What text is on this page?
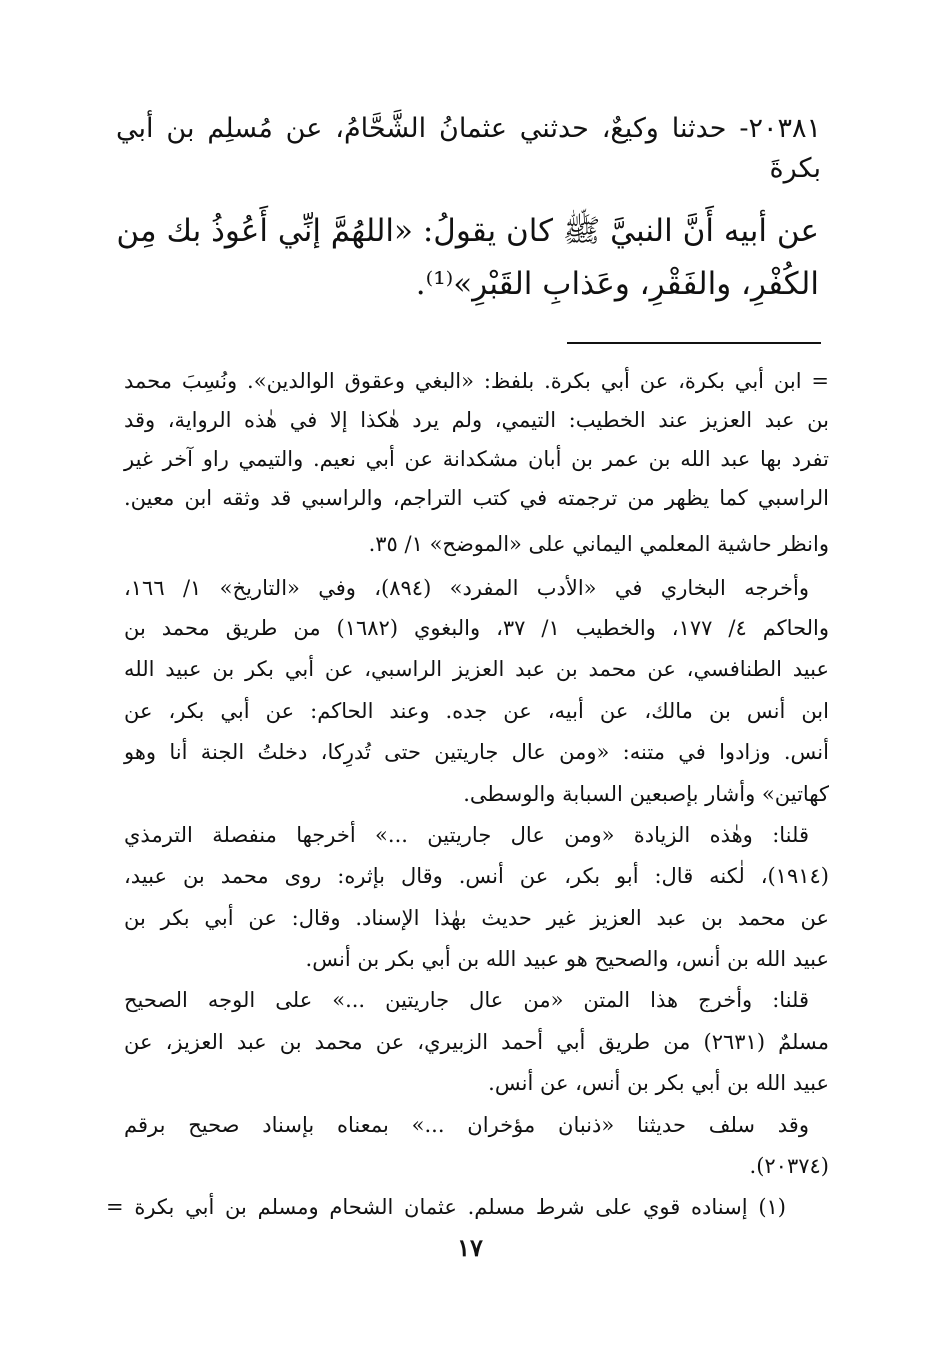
٢٠٣٨١- حدثنا وكيعٌ، حدثني عثمانُ الشَّحَّامُ، عن مُسلِم بن أبي
بكرةَ
عن أبيه أَنَّ النبيَّ ﷺ كان يقولُ: «اللهُمَّ إنِّي أَعُوذُ بك مِن
الكُفْرِ، والفَقْرِ، وعَذابِ القَبْرِ»⁽¹⁾.
= ابن أبي بكرة، عن أبي بكرة. بلفظ: «البغي وعقوق الوالدين». ونُسِبَ محمد
بن عبد العزيز عند الخطيب: التيمي، ولم يرد هٰكذا إلا في هٰذه الرواية، وقد
تفرد بها عبد الله بن عمر بن أبان مشكدانة عن أبي نعيم. والتيمي راو آخر غير
الراسبي كما يظهر من ترجمته في كتب التراجم، والراسبي قد وثقه ابن معين.
وانظر حاشية المعلمي اليماني على «الموضح» ١/ ٣٥.
وأخرجه البخاري في «الأدب المفرد» (٨٩٤)، وفي «التاريخ» ١/ ١٦٦،
والحاكم ٤/ ١٧٧، والخطيب ١/ ٣٧، والبغوي (١٦٨٢) من طريق محمد بن
عبيد الطنافسي، عن محمد بن عبد العزيز الراسبي، عن أبي بكر بن عبيد الله
ابن أنس بن مالك، عن أبيه، عن جده. وعند الحاكم: عن أبي بكر، عن
أنس. وزادوا في متنه: «ومن عال جاريتين حتى تُدرِكا، دخلتُ الجنة أنا وهو
كهاتين» وأشار بإصبعين السبابة والوسطى.
قلنا: وهٰذه الزيادة «ومن عال جاريتين ...» أخرجها منفصلة الترمذي
(١٩١٤)، لٰكنه قال: أبو بكر، عن أنس. وقال بإثره: روى محمد بن عبيد،
عن محمد بن عبد العزيز غير حديث بهٰذا الإسناد. وقال: عن أبي بكر بن
عبيد الله بن أنس، والصحيح هو عبيد الله بن أبي بكر بن أنس.
قلنا: وأخرج هذا المتن «من عال جاريتين ...» على الوجه الصحيح
مسلمٌ (٢٦٣١) من طريق أبي أحمد الزبيري، عن محمد بن عبد العزيز، عن
عبيد الله بن أبي بكر بن أنس، عن أنس.
وقد سلف حديثنا «ذنبان مؤخران ...» بمعناه بإسناد صحيح برقم
(٢٠٣٧٤).
(١) إسناده قوي على شرط مسلم. عثمان الشحام ومسلم بن أبي بكرة =
١٧
